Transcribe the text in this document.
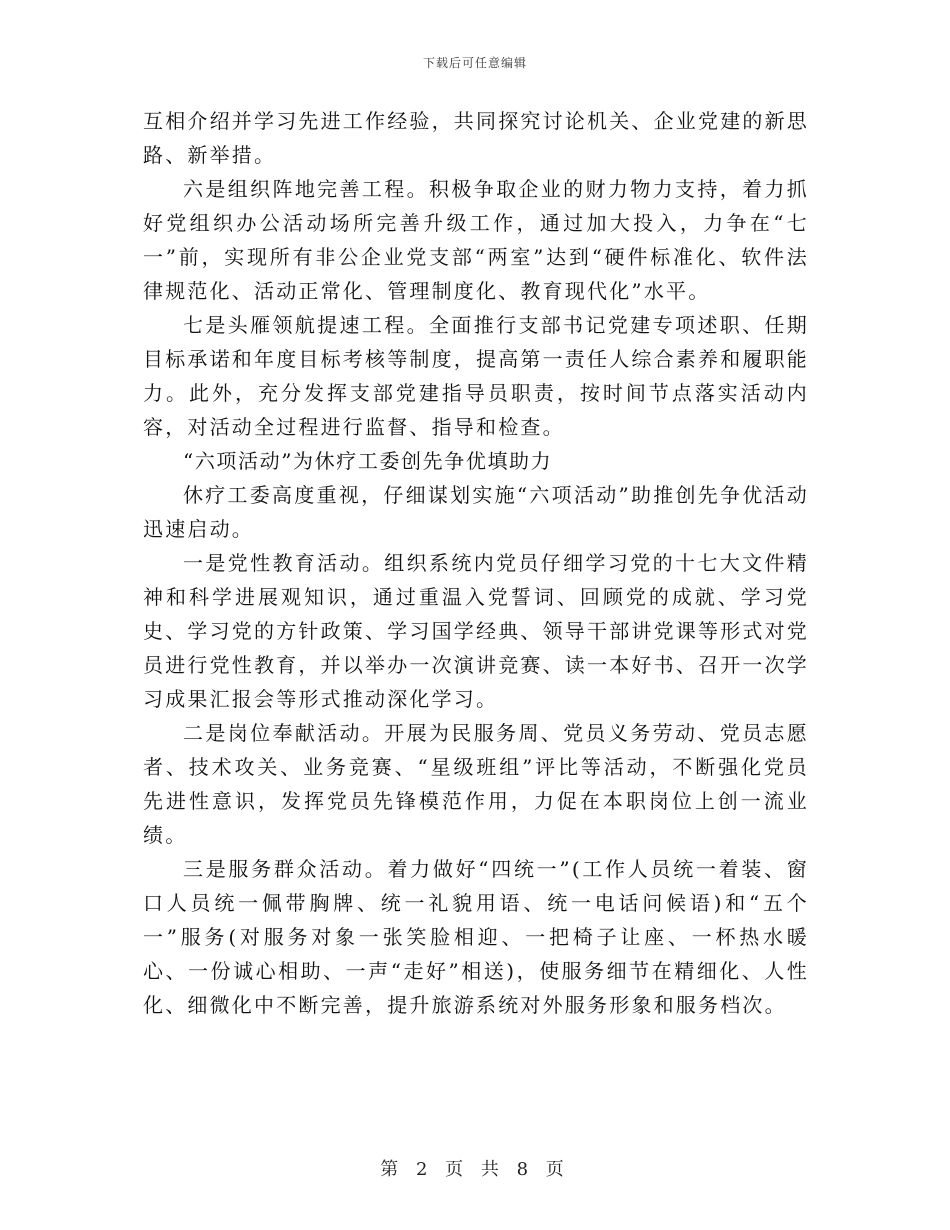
下载后可任意编辑

互相介绍并学习先进工作经验，共同探究讨论机关、企业党建的新思路、新举措。

六是组织阵地完善工程。积极争取企业的财力物力支持，着力抓好党组织办公活动场所完善升级工作，通过加大投入，力争在“七一”前，实现所有非公企业党支部“两室”达到“硬件标准化、软件法律规范化、活动正常化、管理制度化、教育现代化”水平。

七是头雁领航提速工程。全面推行支部书记党建专项述职、任期目标承诺和年度目标考核等制度，提高第一责任人综合素养和履职能力。此外，充分发挥支部党建指导员职责，按时间节点落实活动内容，对活动全过程进行监督、指导和检查。

“六项活动”为休疗工委创先争优填助力

休疗工委高度重视，仔细谋划实施“六项活动”助推创先争优活动迅速启动。

一是党性教育活动。组织系统内党员仔细学习党的十七大文件精神和科学进展观知识，通过重温入党誓词、回顾党的成就、学习党史、学习党的方针政策、学习国学经典、领导干部讲党课等形式对党员进行党性教育，并以举办一次演讲竞赛、读一本好书、召开一次学习成果汇报会等形式推动深化学习。

二是岗位奉献活动。开展为民服务周、党员义务劳动、党员志愿者、技术攻关、业务竞赛、“星级班组”评比等活动，不断强化党员先进性意识，发挥党员先锋模范作用，力促在本职岗位上创一流业绩。

三是服务群众活动。着力做好“四统一”(工作人员统一着装、窗口人员统一佩带胸牌、统一礼貌用语、统一电话问候语)和“五个一”服务(对服务对象一张笑脸相迎、一把椅子让座、一杯热水暖心、一份诚心相助、一声“走好”相送)，使服务细节在精细化、人性化、细微化中不断完善，提升旅游系统对外服务形象和服务档次。

第 2 页 共 8 页
